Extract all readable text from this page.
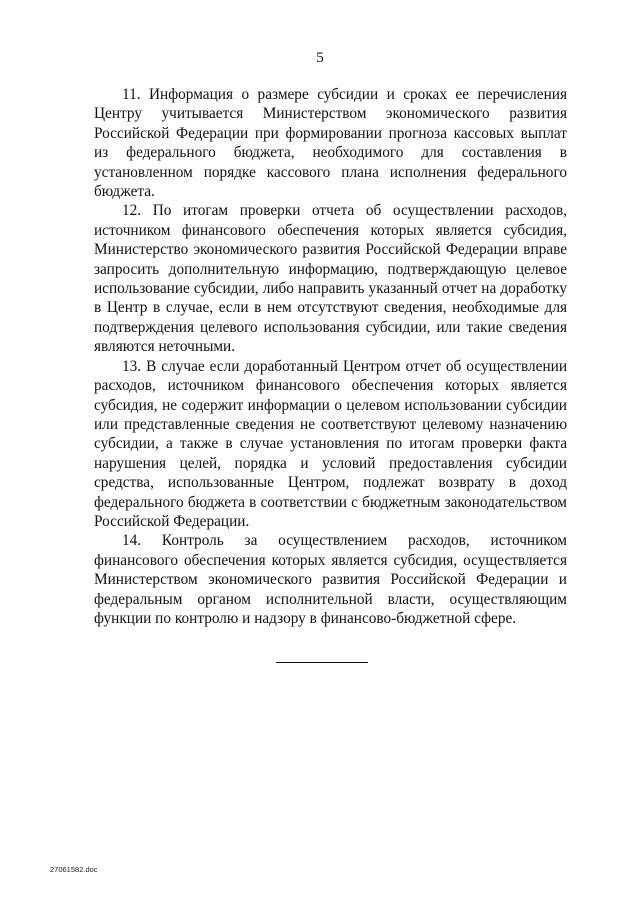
5

11. Информация о размере субсидии и сроках ее перечисления Центру учитывается Министерством экономического развития Российской Федерации при формировании прогноза кассовых выплат из федерального бюджета, необходимого для составления в установленном порядке кассового плана исполнения федерального бюджета.

12. По итогам проверки отчета об осуществлении расходов, источником финансового обеспечения которых является субсидия, Министерство экономического развития Российской Федерации вправе запросить дополнительную информацию, подтверждающую целевое использование субсидии, либо направить указанный отчет на доработку в Центр в случае, если в нем отсутствуют сведения, необходимые для подтверждения целевого использования субсидии, или такие сведения являются неточными.

13. В случае если доработанный Центром отчет об осуществлении расходов, источником финансового обеспечения которых является субсидия, не содержит информации о целевом использовании субсидии или представленные сведения не соответствуют целевому назначению субсидии, а также в случае установления по итогам проверки факта нарушения целей, порядка и условий предоставления субсидии средства, использованные Центром, подлежат возврату в доход федерального бюджета в соответствии с бюджетным законодательством Российской Федерации.

14. Контроль за осуществлением расходов, источником финансового обеспечения которых является субсидия, осуществляется Министерством экономического развития Российской Федерации и федеральным органом исполнительной власти, осуществляющим функции по контролю и надзору в финансово-бюджетной сфере.

27061582.doc
